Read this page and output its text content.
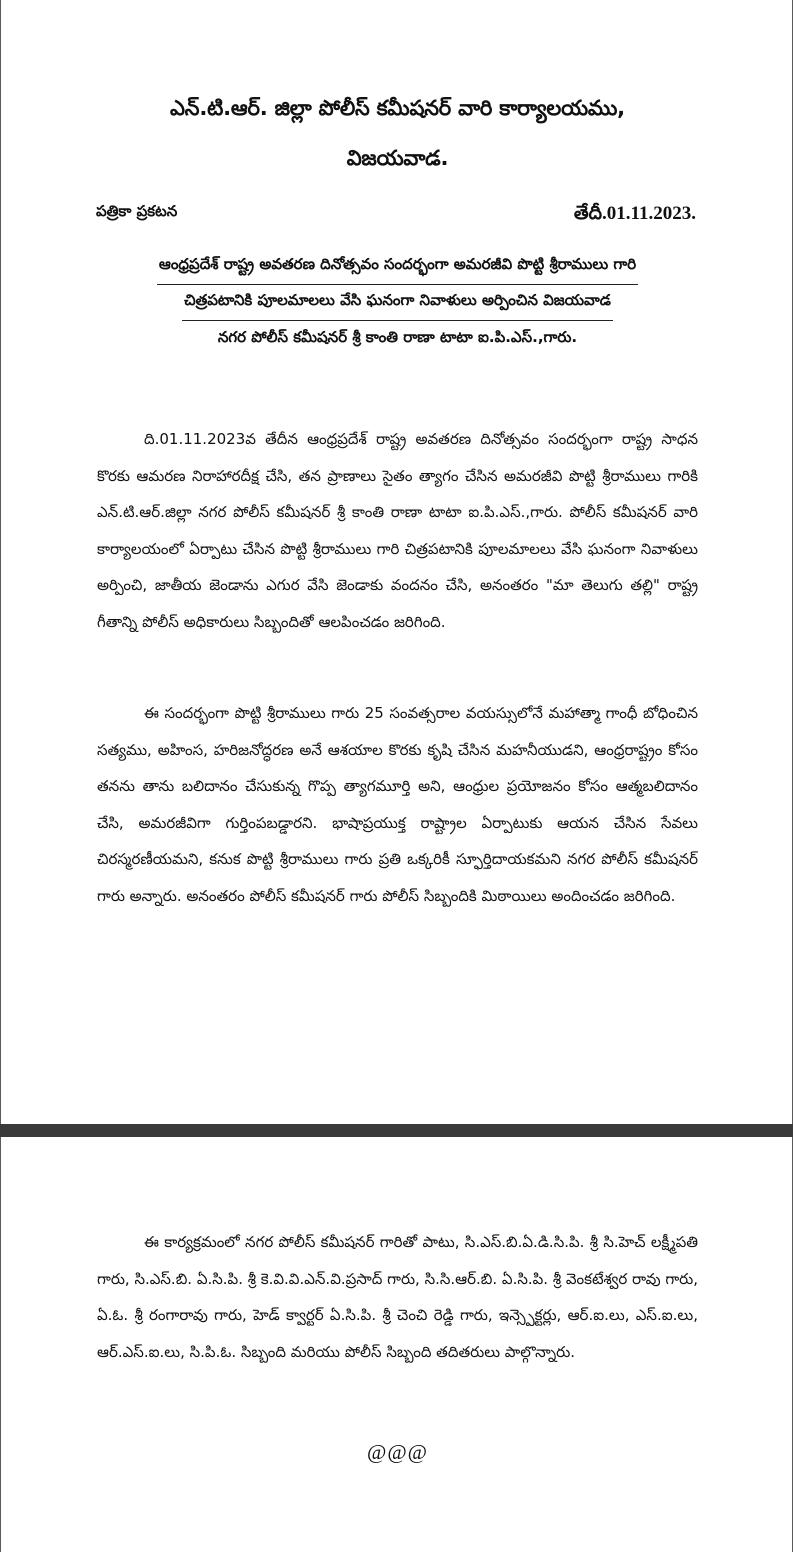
ఎన్.టి.ఆర్. జిల్లా పోలీస్ కమీషనర్ వారి కార్యాలయము,
విజయవాడ.
పత్రికా ప్రకటన	తేదీ.01.11.2023.
ఆంధ్రప్రదేశ్ రాష్ట్ర అవతరణ దినోత్సవం సందర్భంగా అమరజీవి పొట్టి శ్రీరాములు గారి
చిత్రపటానికి పూలమాలలు వేసి ఘనంగా నివాళులు అర్పించిన విజయవాడ
నగర పోలీస్ కమీషనర్ శ్రీ కాంతి రాణా టాటా ఐ.పి.ఎస్.,గారు.

ది.01.11.2023వ తేదీన ఆంధ్రప్రదేశ్ రాష్ట్ర అవతరణ దినోత్సవం సందర్భంగా రాష్ట్ర సాధన కొరకు ఆమరణ నిరాహారదీక్ష చేసి, తన ప్రాణాలు సైతం త్యాగం చేసిన అమరజీవి పొట్టి శ్రీరాములు గారికి ఎన్.టి.ఆర్.జిల్లా నగర పోలీస్ కమీషనర్ శ్రీ కాంతి రాణా టాటా ఐ.పి.ఎస్.,గారు. పోలీస్ కమీషనర్ వారి కార్యాలయంలో ఏర్పాటు చేసిన పొట్టి శ్రీరాములు గారి చిత్రపటానికి పూలమాలలు వేసి ఘనంగా నివాళులు అర్పించి, జాతీయ జెండాను ఎగుర వేసి జెండాకు వందనం చేసి, అనంతరం "మా తెలుగు తల్లి" రాష్ట్ర గీతాన్ని పోలీస్ అధికారులు సిబ్బందితో ఆలపించడం జరిగింది.

ఈ సందర్భంగా పొట్టి శ్రీరాములు గారు 25 సంవత్సరాల వయస్సులోనే మహాత్మా గాంధీ బోధించిన సత్యము, అహింస, హరిజనోద్ధరణ అనే ఆశయాల కొరకు కృషి చేసిన మహనీయుడని, ఆంధ్రరాష్ట్రం కోసం తనను తాను బలిదానం చేసుకున్న గొప్ప త్యాగమూర్తి అని, ఆంధ్రుల ప్రయోజనం కోసం ఆత్మబలిదానం చేసి, అమరజీవిగా గుర్తింపబడ్డారని. భాషాప్రయుక్త రాష్ట్రాల ఏర్పాటుకు ఆయన చేసిన సేవలు చిరస్మరణీయమని, కనుక పొట్టి శ్రీరాములు గారు ప్రతి ఒక్కరికీ స్ఫూర్తిదాయకమని నగర పోలీస్ కమీషనర్ గారు అన్నారు. అనంతరం పోలీస్ కమీషనర్ గారు పోలీస్ సిబ్బందికి మిఠాయిలు అందించడం జరిగింది.

ఈ కార్యక్రమంలో నగర పోలీస్ కమీషనర్ గారితో పాటు, సి.ఎస్.బి.ఏ.డి.సి.పి. శ్రీ సి.హెచ్ లక్ష్మీపతి గారు, సి.ఎస్.బి. ఏ.సి.పి. శ్రీ కె.వి.వి.ఎన్.వి.ప్రసాద్ గారు, సి.సి.ఆర్.బి. ఏ.సి.పి. శ్రీ వెంకటేశ్వర రావు గారు, ఏ.ఓ. శ్రీ రంగారావు గారు, హెడ్ క్వార్టర్ ఏ.సి.పి. శ్రీ చెంచి రెడ్డి గారు, ఇన్స్పెక్టర్లు, ఆర్.ఐ.లు, ఎస్.ఐ.లు, ఆర్.ఎస్.ఐ.లు, సి.పి.ఓ. సిబ్బంది మరియు పోలీస్ సిబ్బంది తదితరులు పాల్గొన్నారు.

@@@
